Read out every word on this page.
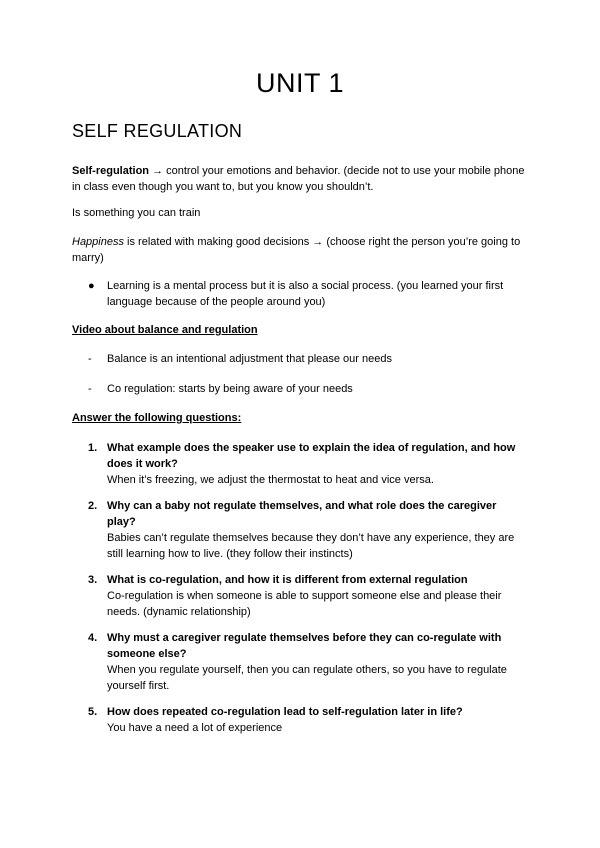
UNIT 1
SELF REGULATION
Self-regulation → control your emotions and behavior. (decide not to use your mobile phone in class even though you want to, but you know you shouldn’t.
Is something you can train
Happiness is related with making good decisions → (choose right the person you’re going to marry)
● Learning is a mental process but it is also a social process. (you learned your first language because of the people around you)
Video about balance and regulation
- Balance is an intentional adjustment that please our needs
- Co regulation: starts by being aware of your needs
Answer the following questions:
1. What example does the speaker use to explain the idea of regulation, and how does it work?
When it’s freezing, we adjust the thermostat to heat and vice versa.
2. Why can a baby not regulate themselves, and what role does the caregiver play?
Babies can’t regulate themselves because they don’t have any experience, they are still learning how to live. (they follow their instincts)
3. What is co-regulation, and how it is different from external regulation
Co-regulation is when someone is able to support someone else and please their needs. (dynamic relationship)
4. Why must a caregiver regulate themselves before they can co-regulate with someone else?
When you regulate yourself, then you can regulate others, so you have to regulate yourself first.
5. How does repeated co-regulation lead to self-regulation later in life?
You have a need a lot of experience
